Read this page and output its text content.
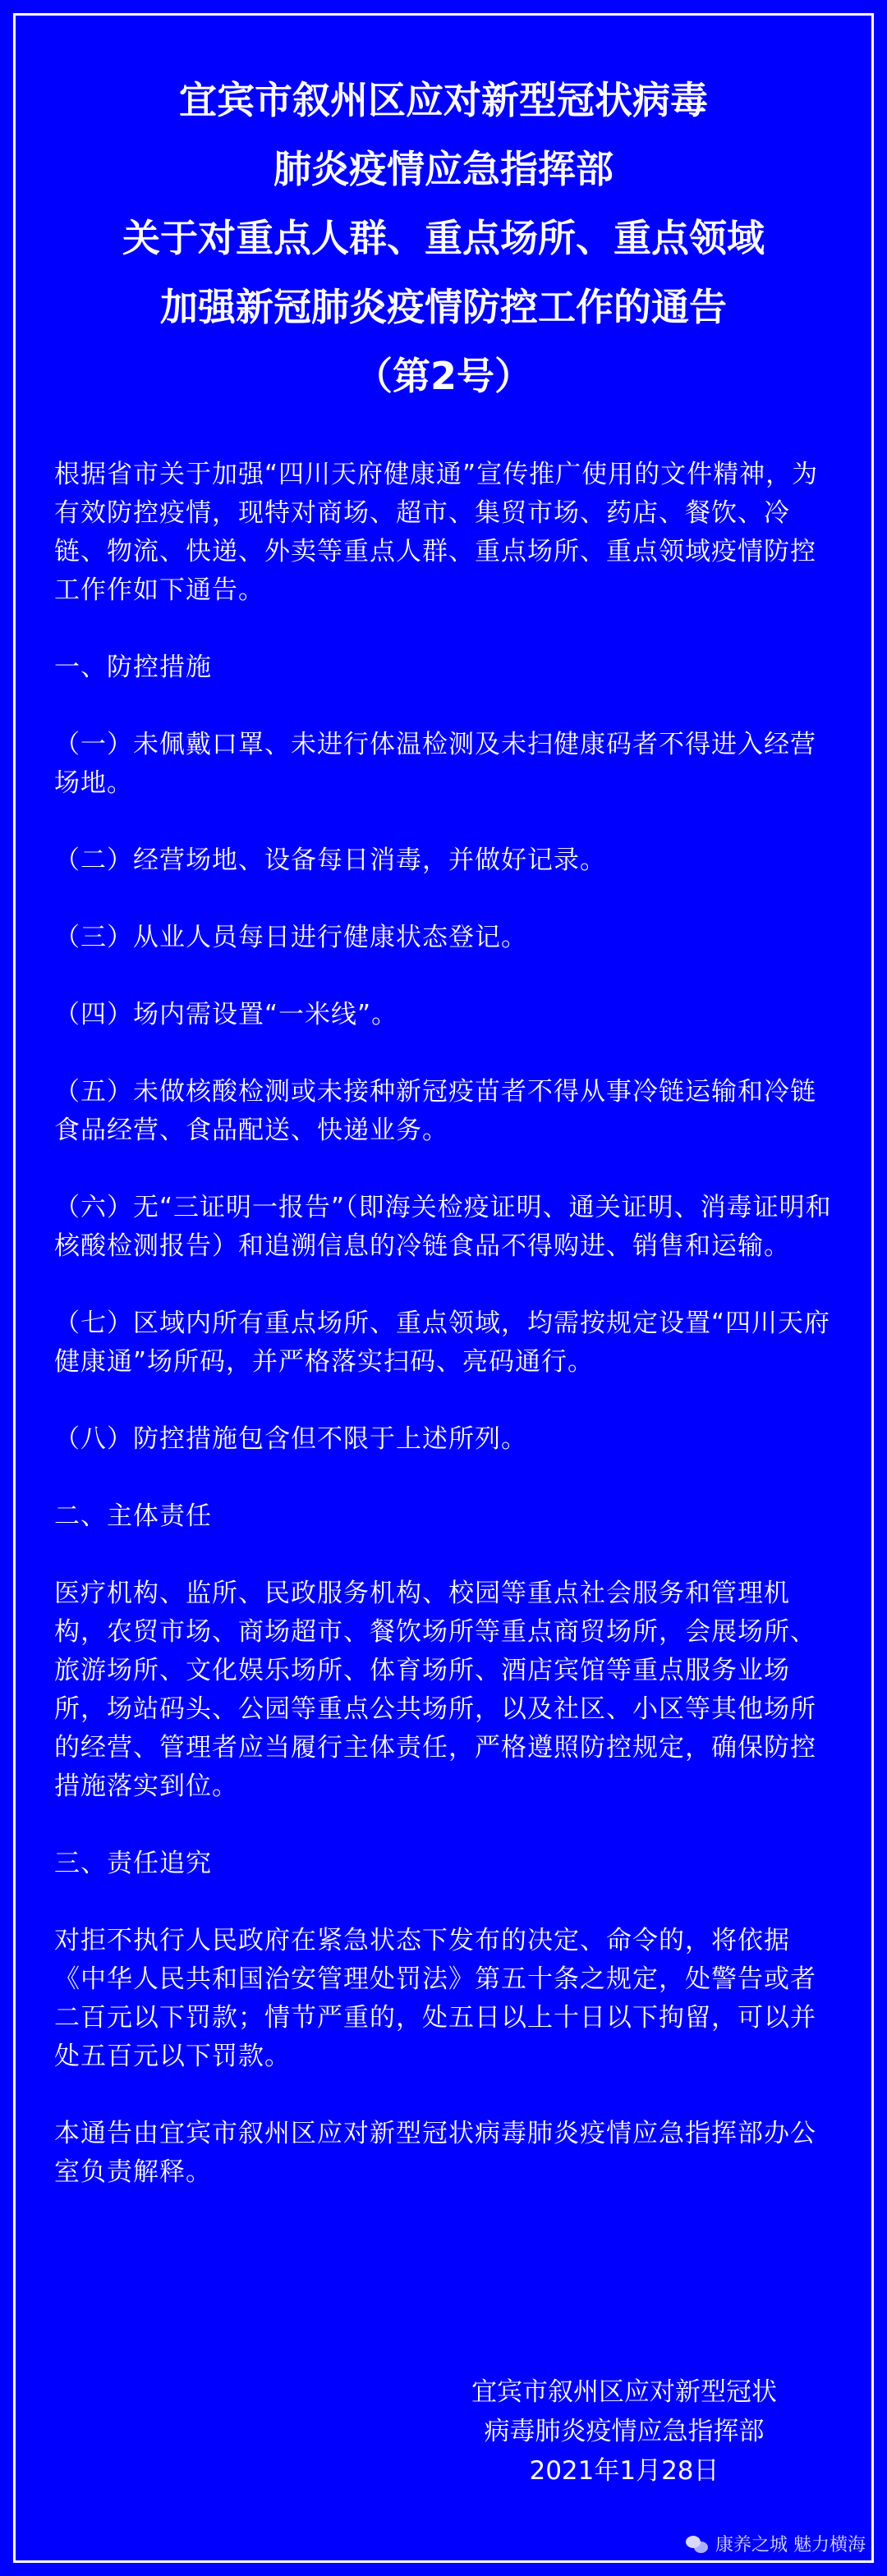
宜宾市叙州区应对新型冠状病毒
肺炎疫情应急指挥部
关于对重点人群、重点场所、重点领域
加强新冠肺炎疫情防控工作的通告
（第2号）

根据省市关于加强“四川天府健康通”宣传推广使用的文件精神，为有效防控疫情，现特对商场、超市、集贸市场、药店、餐饮、冷链、物流、快递、外卖等重点人群、重点场所、重点领域疫情防控工作作如下通告。

一、防控措施

（一）未佩戴口罩、未进行体温检测及未扫健康码者不得进入经营场地。

（二）经营场地、设备每日消毒，并做好记录。

（三）从业人员每日进行健康状态登记。

（四）场内需设置“一米线”。

（五）未做核酸检测或未接种新冠疫苗者不得从事冷链运输和冷链食品经营、食品配送、快递业务。

（六）无“三证明一报告”（即海关检疫证明、通关证明、消毒证明和核酸检测报告）和追溯信息的冷链食品不得购进、销售和运输。

（七）区域内所有重点场所、重点领域，均需按规定设置“四川天府健康通”场所码，并严格落实扫码、亮码通行。

（八）防控措施包含但不限于上述所列。

二、主体责任

医疗机构、监所、民政服务机构、校园等重点社会服务和管理机构，农贸市场、商场超市、餐饮场所等重点商贸场所，会展场所、旅游场所、文化娱乐场所、体育场所、酒店宾馆等重点服务业场所，场站码头、公园等重点公共场所，以及社区、小区等其他场所的经营、管理者应当履行主体责任，严格遵照防控规定，确保防控措施落实到位。

三、责任追究

对拒不执行人民政府在紧急状态下发布的决定、命令的，将依据《中华人民共和国治安管理处罚法》第五十条之规定，处警告或者二百元以下罚款；情节严重的，处五日以上十日以下拘留，可以并处五百元以下罚款。

本通告由宜宾市叙州区应对新型冠状病毒肺炎疫情应急指挥部办公室负责解释。

宜宾市叙州区应对新型冠状
病毒肺炎疫情应急指挥部
2021年1月28日
康养之城 魅力横海
